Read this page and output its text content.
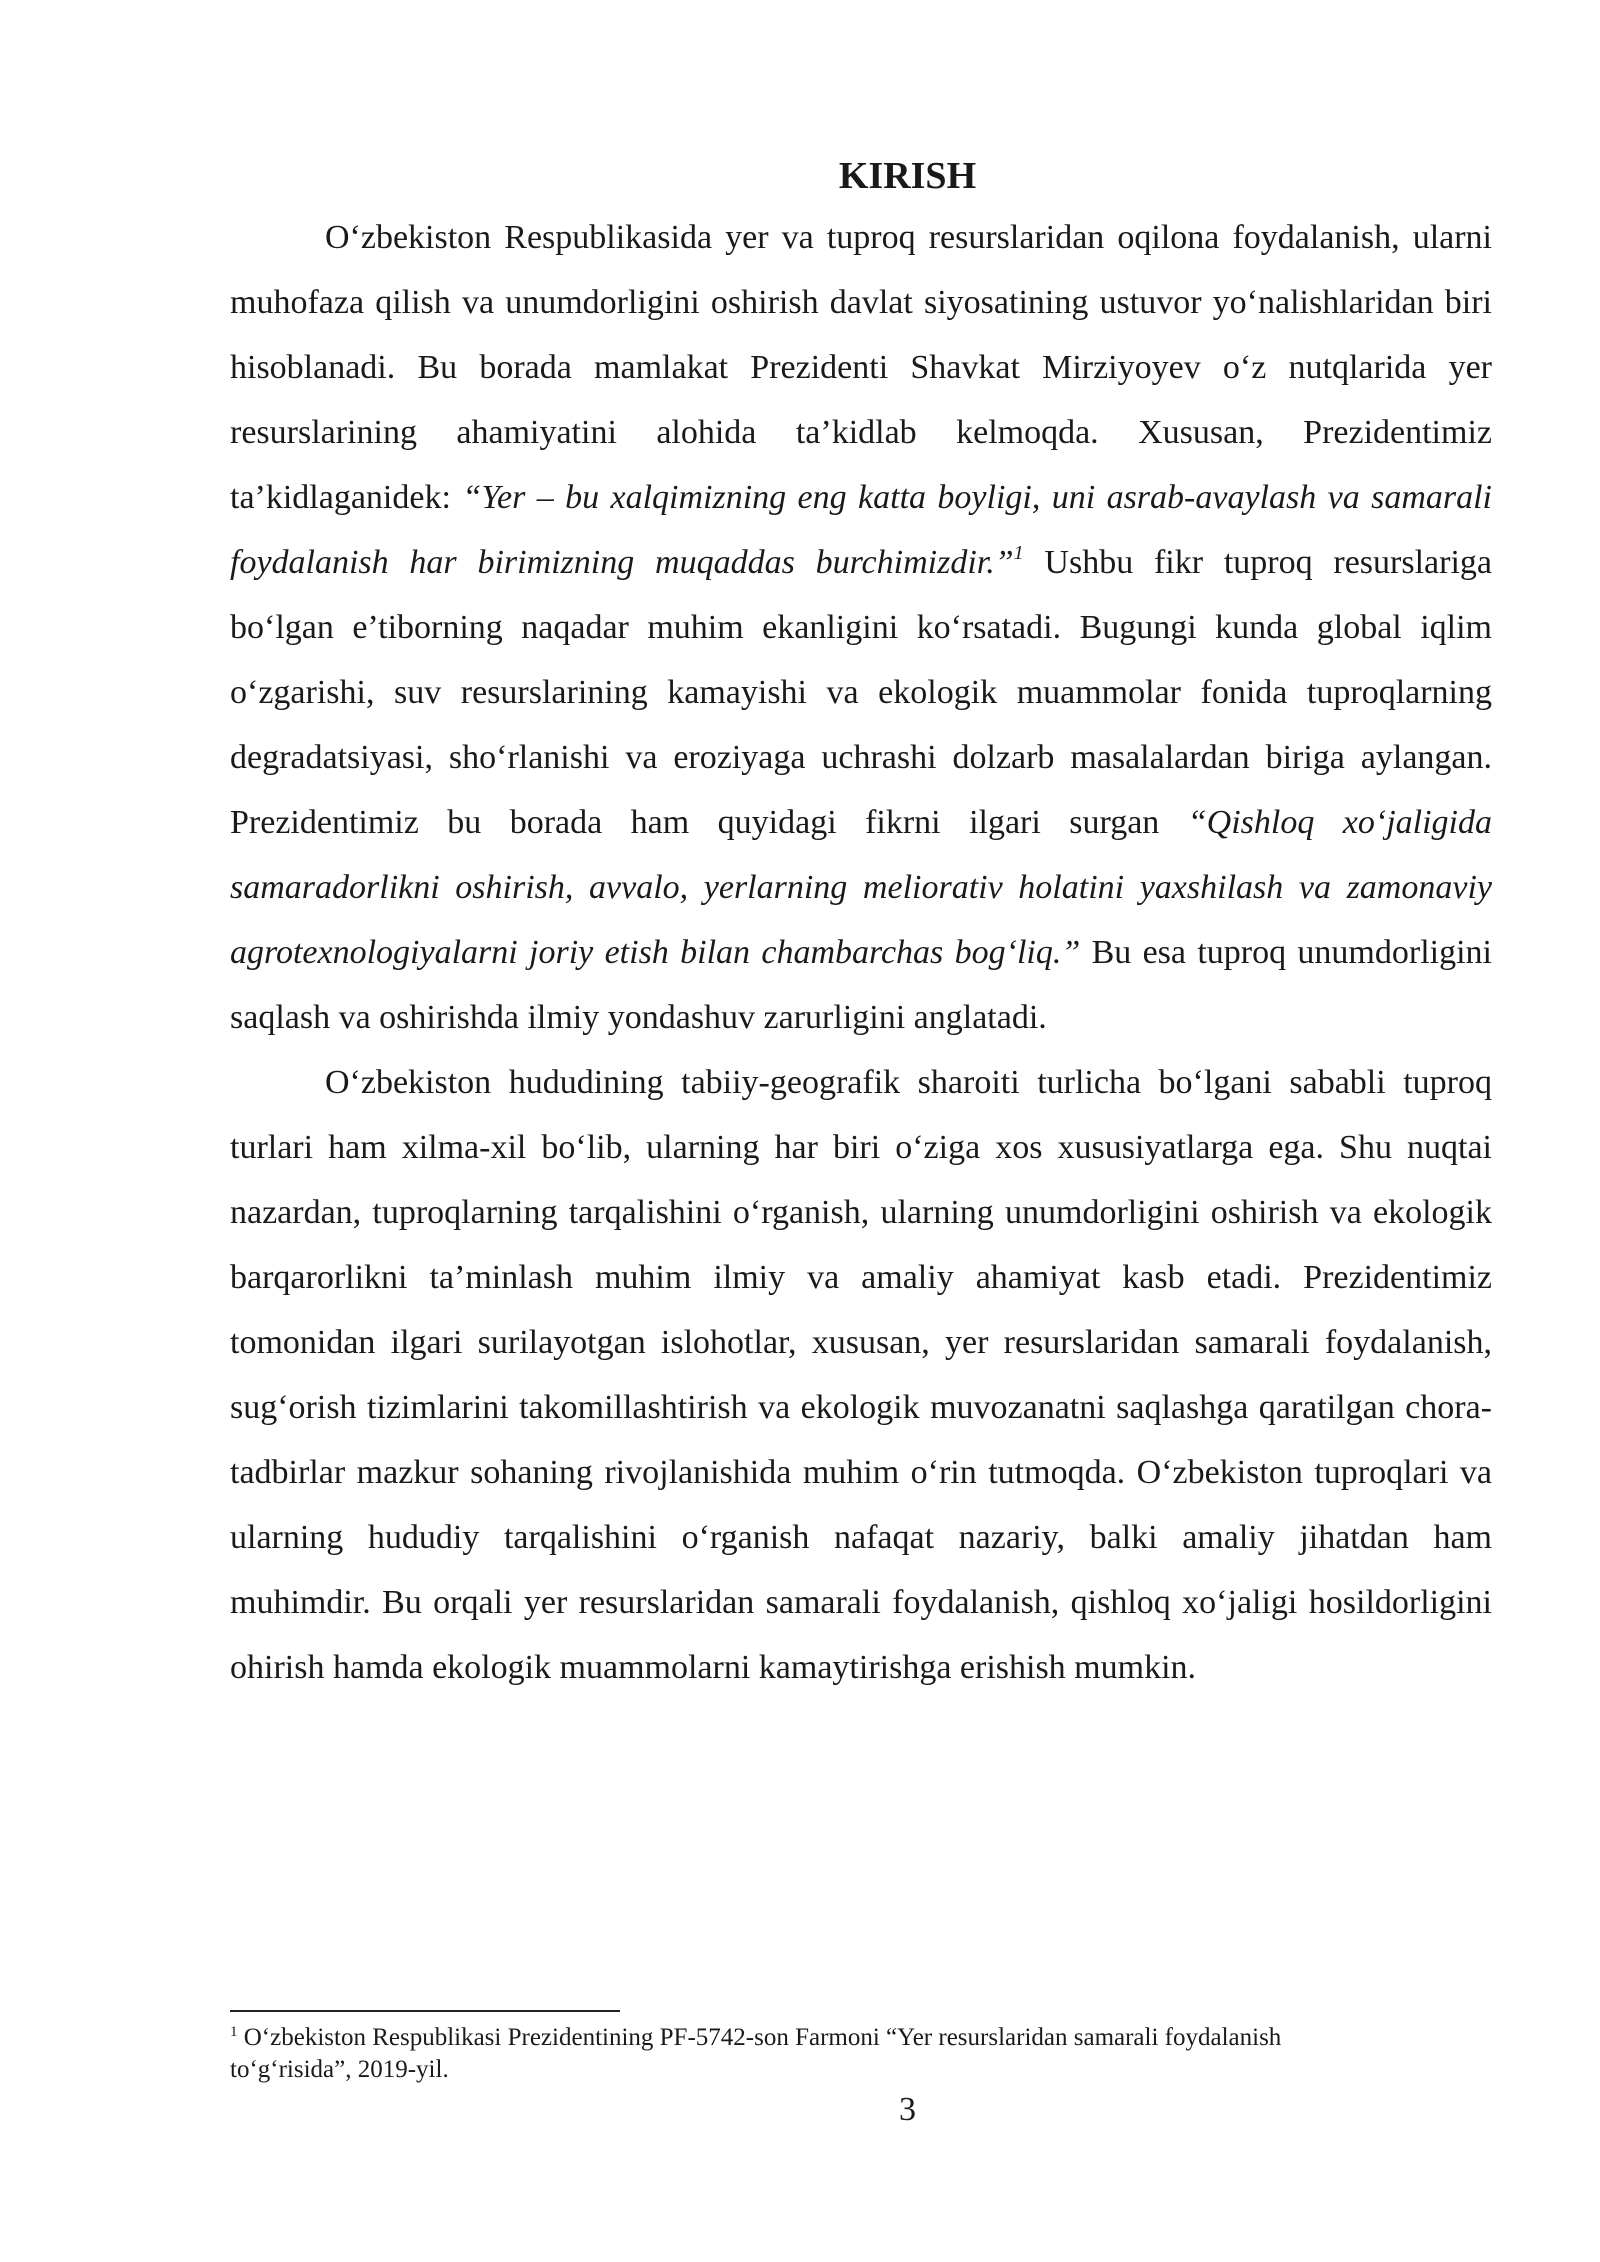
KIRISH

O‘zbekiston Respublikasida yer va tuproq resurslaridan oqilona foydalanish, ularni muhofaza qilish va unumdorligini oshirish davlat siyosatining ustuvor yo‘nalishlaridan biri hisoblanadi. Bu borada mamlakat Prezidenti Shavkat Mirziyoyev o‘z nutqlarida yer resurslarining ahamiyatini alohida ta’kidlab kelmoqda. Xususan, Prezidentimiz ta’kidlaganidek: “Yer – bu xalqimizning eng katta boyligi, uni asrab-avaylash va samarali foydalanish har birimizning muqaddas burchimizdir.”$^1$ Ushbu fikr tuproq resurslariga bo‘lgan e’tiborning naqadar muhim ekanligini ko‘rsatadi. Bugungi kunda global iqlim o‘zgarishi, suv resurslarining kamayishi va ekologik muammolar fonida tuproqlarning degradatsiyasi, sho‘rlanishi va eroziyaga uchrashi dolzarb masalalardan biriga aylangan. Prezidentimiz bu borada ham quyidagi fikrni ilgari surgan “Qishloq xo‘jaligida samaradorlikni oshirish, avvalo, yerlarning meliorativ holatini yaxshilash va zamonaviy agrotexnologiyalarni joriy etish bilan chambarchas bog‘liq.” Bu esa tuproq unumdorligini saqlash va oshirishda ilmiy yondashuv zarurligini anglatadi.

O‘zbekiston hududining tabiiy-geografik sharoiti turlicha bo‘lgani sababli tuproq turlari ham xilma-xil bo‘lib, ularning har biri o‘ziga xos xususiyatlarga ega. Shu nuqtai nazardan, tuproqlarning tarqalishini o‘rganish, ularning unumdorligini oshirish va ekologik barqarorlikni ta’minlash muhim ilmiy va amaliy ahamiyat kasb etadi. Prezidentimiz tomonidan ilgari surilayotgan islohotlar, xususan, yer resurslaridan samarali foydalanish, sug‘orish tizimlarini takomillashtirish va ekologik muvozanatni saqlashga qaratilgan chora-tadbirlar mazkur sohaning rivojlanishida muhim o‘rin tutmoqda. O‘zbekiston tuproqlari va ularning hududiy tarqalishini o‘rganish nafaqat nazariy, balki amaliy jihatdan ham muhimdir. Bu orqali yer resurslaridan samarali foydalanish, qishloq xo‘jaligi hosildorligini ohirish hamda ekologik muammolarni kamaytirishga erishish mumkin.

$^1$ O‘zbekiston Respublikasi Prezidentining PF-5742-son Farmoni “Yer resurslaridan samarali foydalanish to‘g‘risida”, 2019-yil.

3
